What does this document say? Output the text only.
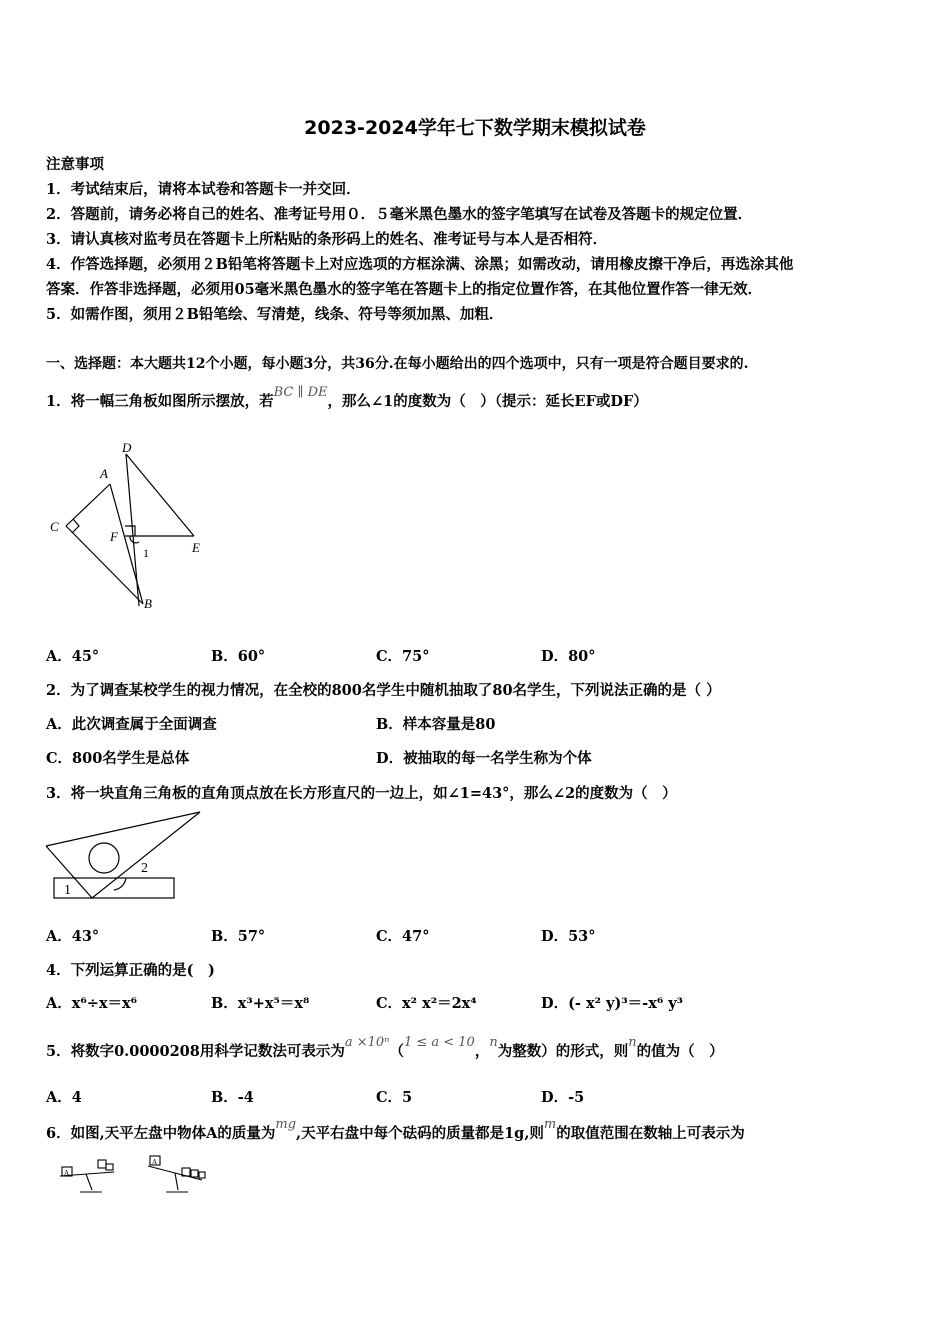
2023-2024学年七下数学期末模拟试卷
注意事项
1．考试结束后，请将本试卷和答题卡一并交回．
2．答题前，请务必将自己的姓名、准考证号用０．５毫米黑色墨水的签字笔填写在试卷及答题卡的规定位置．
3．请认真核对监考员在答题卡上所粘贴的条形码上的姓名、准考证号与本人是否相符．
4．作答选择题，必须用２B铅笔将答题卡上对应选项的方框涂满、涂黑；如需改动，请用橡皮擦干净后，再选涂其他
答案．作答非选择题，必须用05毫米黑色墨水的签字笔在答题卡上的指定位置作答，在其他位置作答一律无效．
5．如需作图，须用２B铅笔绘、写清楚，线条、符号等须加黑、加粗．
一、选择题：本大题共12个小题，每小题3分，共36分.在每小题给出的四个选项中，只有一项是符合题目要求的.
1．将一幅三角板如图所示摆放，若BC ∥ DE，那么∠1的度数为（　）（提示：延长EF或DF）
D
A
C
F
E
B
1
A．45°	B．60°	C．75°	D．80°
2．为了调查某校学生的视力情况，在全校的800名学生中随机抽取了80名学生，下列说法正确的是（ ）
A．此次调查属于全面调查	B．样本容量是80
C．800名学生是总体	D．被抽取的每一名学生称为个体
3．将一块直角三角板的直角顶点放在长方形直尺的一边上，如∠1=43°，那么∠2的度数为（　）
1
2
A．43°	B．57°	C．47°	D．53°
4．下列运算正确的是(　)
A．x⁶÷x＝x⁶	B．x³+x⁵＝x⁸	C．x² x²＝2x⁴	D．(- x² y)³＝-x⁶ y³
5．将数字0.0000208用科学记数法可表示为a ×10ⁿ（1 ≤ a < 10，n为整数）的形式，则n的值为（　）
A．4	B．-4	C．5	D．-5
6．如图,天平左盘中物体A的质量为mg,天平右盘中每个砝码的质量都是1g,则m的取值范围在数轴上可表示为
A
A
